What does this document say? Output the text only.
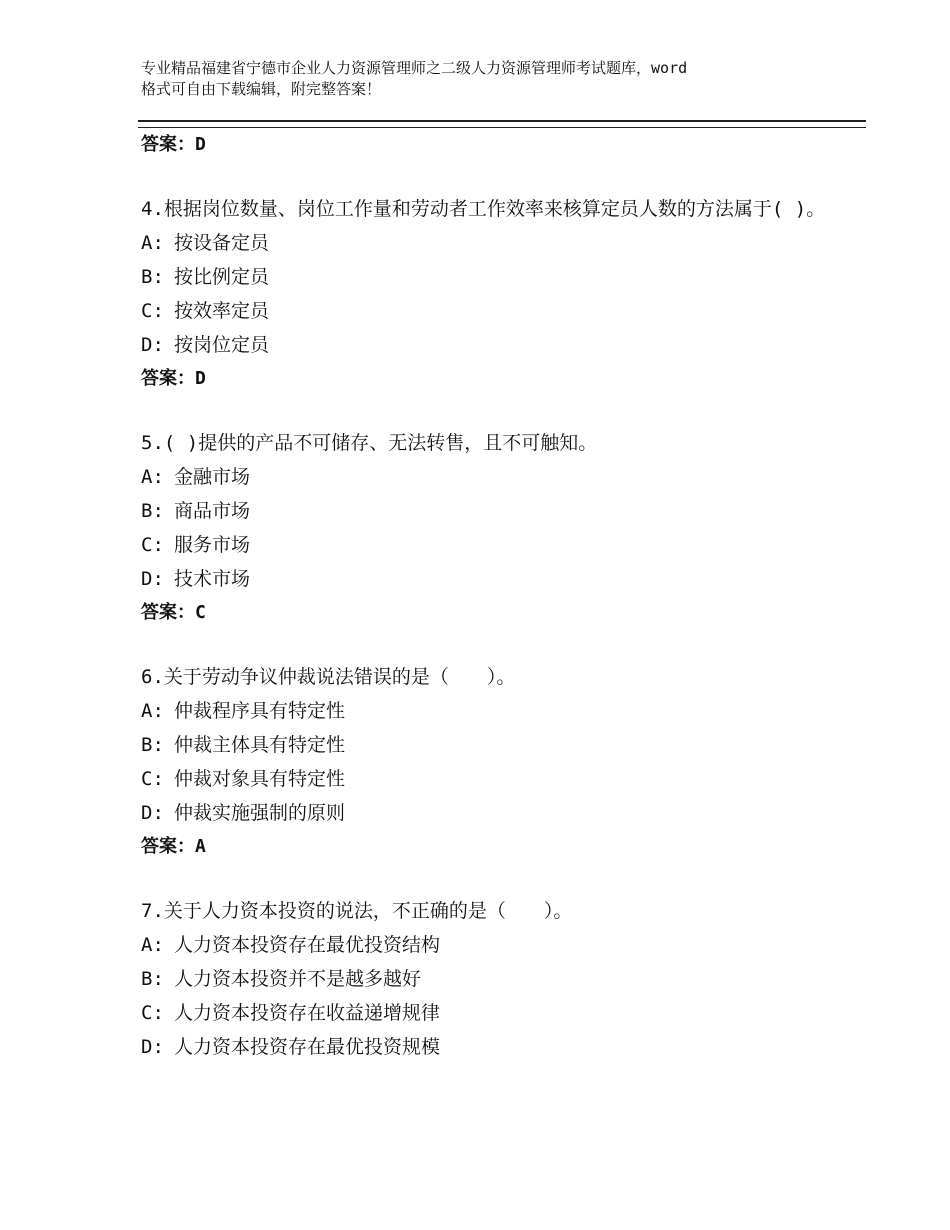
专业精品福建省宁德市企业人力资源管理师之二级人力资源管理师考试题库，word
格式可自由下载编辑，附完整答案！
答案：D
4.根据岗位数量、岗位工作量和劳动者工作效率来核算定员人数的方法属于( )。
A: 按设备定员
B: 按比例定员
C: 按效率定员
D: 按岗位定员
答案：D
5.( )提供的产品不可储存、无法转售，且不可触知。
A: 金融市场
B: 商品市场
C: 服务市场
D: 技术市场
答案：C
6.关于劳动争议仲裁说法错误的是（　　）。
A: 仲裁程序具有特定性
B: 仲裁主体具有特定性
C: 仲裁对象具有特定性
D: 仲裁实施强制的原则
答案：A
7.关于人力资本投资的说法，不正确的是（　　）。
A: 人力资本投资存在最优投资结构
B: 人力资本投资并不是越多越好
C: 人力资本投资存在收益递增规律
D: 人力资本投资存在最优投资规模
